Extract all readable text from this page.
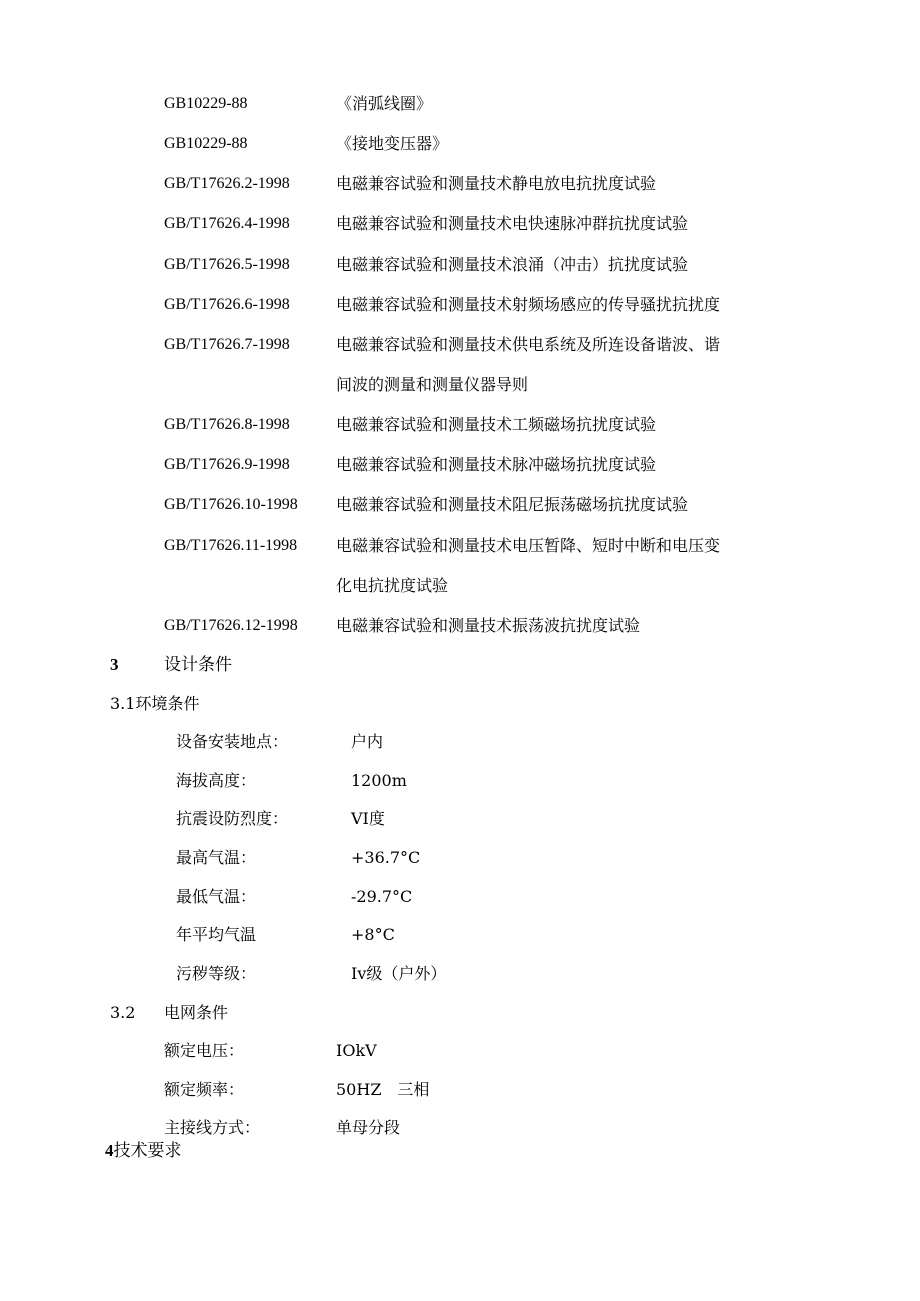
GB10229-88	《消弧线圈》
GB10229-88	《接地变压器》
GB/T17626.2-1998	电磁兼容试验和测量技术静电放电抗扰度试验
GB/T17626.4-1998	电磁兼容试验和测量技术电快速脉冲群抗扰度试验
GB/T17626.5-1998	电磁兼容试验和测量技术浪涌（冲击）抗扰度试验
GB/T17626.6-1998	电磁兼容试验和测量技术射频场感应的传导骚扰抗扰度
GB/T17626.7-1998	电磁兼容试验和测量技术供电系统及所连设备谐波、谐
间波的测量和测量仪器导则
GB/T17626.8-1998	电磁兼容试验和测量技术工频磁场抗扰度试验
GB/T17626.9-1998	电磁兼容试验和测量技术脉冲磁场抗扰度试验
GB/T17626.10-1998 电磁兼容试验和测量技术阻尼振荡磁场抗扰度试验
GB/T17626.11-1998 电磁兼容试验和测量技术电压暂降、短时中断和电压变
化电抗扰度试验
GB/T17626.12-1998 电磁兼容试验和测量技术振荡波抗扰度试验
3	设计条件
3.1环境条件
设备安装地点：	户内
海拔高度：	1200m
抗震设防烈度：	VI度
最高气温：	+36.7°C
最低气温：	-29.7°C
年平均气温	+8°C
污秽等级：	Iv级（户外）
3.2 电网条件
额定电压：	IOkV
额定频率：	50HZ　三相
主接线方式：	单母分段
4技术要求
